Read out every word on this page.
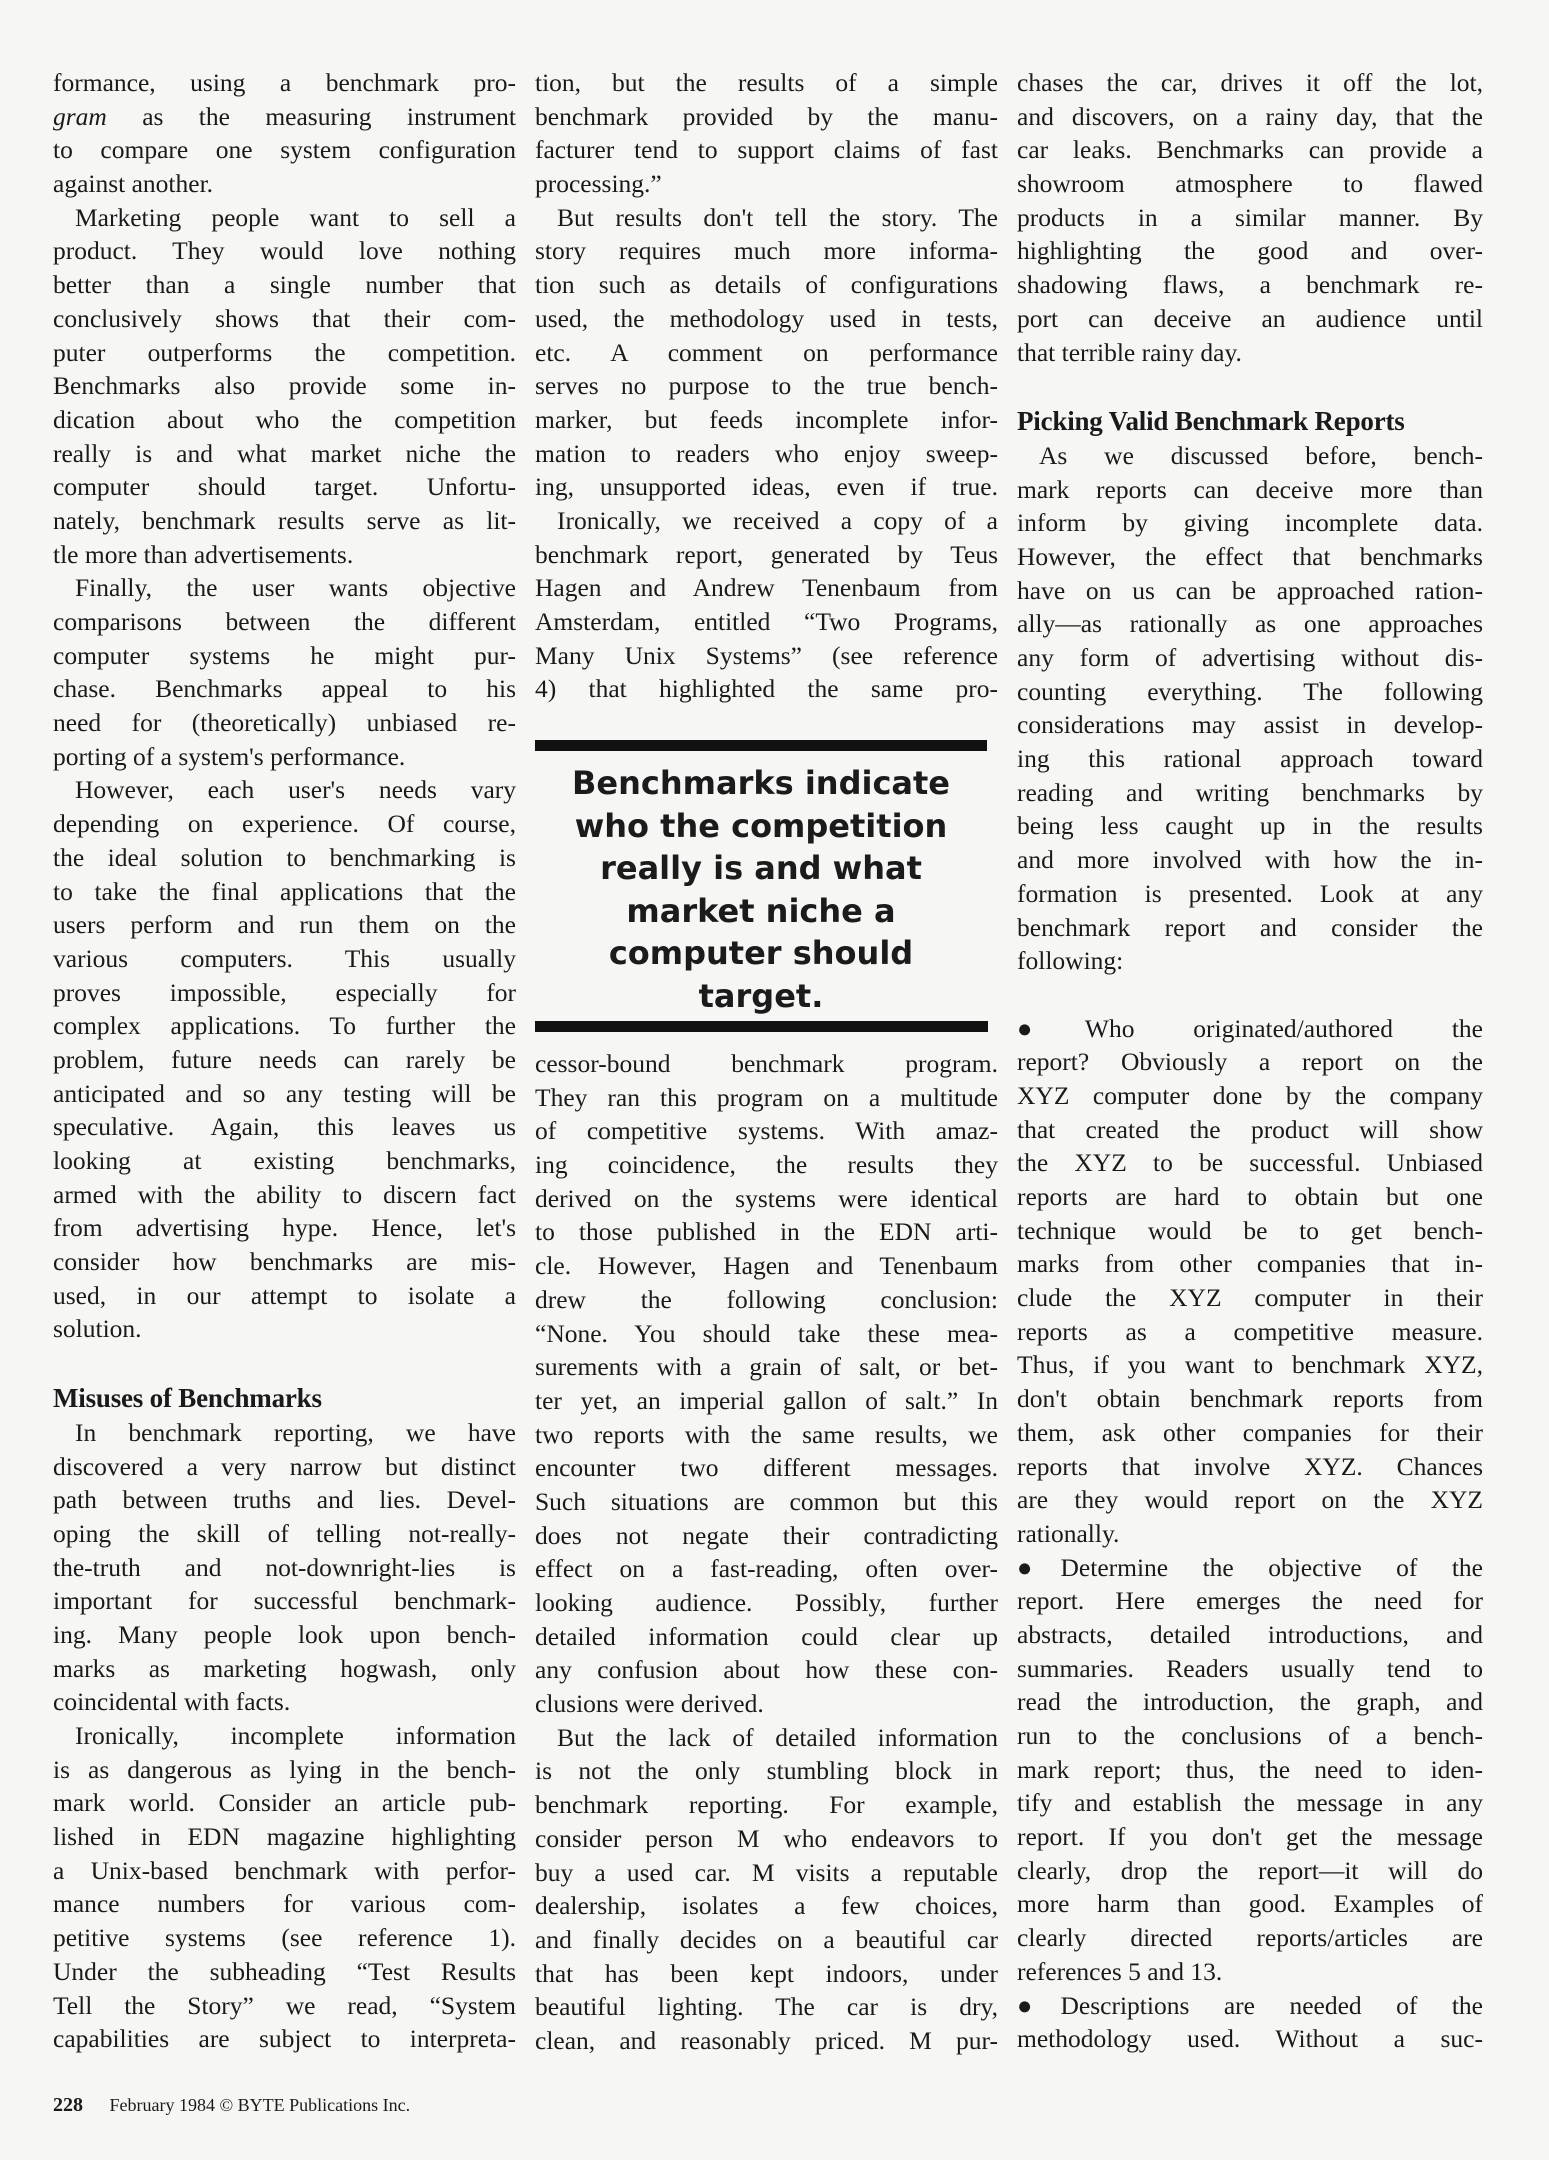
formance, using a benchmark pro-
gram as the measuring instrument
to compare one system configuration
against another.
Marketing people want to sell a
product. They would love nothing
better than a single number that
conclusively shows that their com-
puter outperforms the competition.
Benchmarks also provide some in-
dication about who the competition
really is and what market niche the
computer should target. Unfortu-
nately, benchmark results serve as lit-
tle more than advertisements.
Finally, the user wants objective
comparisons between the different
computer systems he might pur-
chase. Benchmarks appeal to his
need for (theoretically) unbiased re-
porting of a system's performance.
However, each user's needs vary
depending on experience. Of course,
the ideal solution to benchmarking is
to take the final applications that the
users perform and run them on the
various computers. This usually
proves impossible, especially for
complex applications. To further the
problem, future needs can rarely be
anticipated and so any testing will be
speculative. Again, this leaves us
looking at existing benchmarks,
armed with the ability to discern fact
from advertising hype. Hence, let's
consider how benchmarks are mis-
used, in our attempt to isolate a
solution.
Misuses of Benchmarks
In benchmark reporting, we have
discovered a very narrow but distinct
path between truths and lies. Devel-
oping the skill of telling not-really-
the-truth and not-downright-lies is
important for successful benchmark-
ing. Many people look upon bench-
marks as marketing hogwash, only
coincidental with facts.
Ironically, incomplete information
is as dangerous as lying in the bench-
mark world. Consider an article pub-
lished in EDN magazine highlighting
a Unix-based benchmark with perfor-
mance numbers for various com-
petitive systems (see reference 1).
Under the subheading “Test Results
Tell the Story” we read, “System
capabilities are subject to interpreta-
tion, but the results of a simple
benchmark provided by the manu-
facturer tend to support claims of fast
processing.”
But results don't tell the story. The
story requires much more informa-
tion such as details of configurations
used, the methodology used in tests,
etc. A comment on performance
serves no purpose to the true bench-
marker, but feeds incomplete infor-
mation to readers who enjoy sweep-
ing, unsupported ideas, even if true.
Ironically, we received a copy of a
benchmark report, generated by Teus
Hagen and Andrew Tenenbaum from
Amsterdam, entitled “Two Programs,
Many Unix Systems” (see reference
4) that highlighted the same pro-
Benchmarks indicate
who the competition
really is and what
market niche a
computer should
target.
cessor-bound benchmark program.
They ran this program on a multitude
of competitive systems. With amaz-
ing coincidence, the results they
derived on the systems were identical
to those published in the EDN arti-
cle. However, Hagen and Tenenbaum
drew the following conclusion:
“None. You should take these mea-
surements with a grain of salt, or bet-
ter yet, an imperial gallon of salt.” In
two reports with the same results, we
encounter two different messages.
Such situations are common but this
does not negate their contradicting
effect on a fast-reading, often over-
looking audience. Possibly, further
detailed information could clear up
any confusion about how these con-
clusions were derived.
But the lack of detailed information
is not the only stumbling block in
benchmark reporting. For example,
consider person M who endeavors to
buy a used car. M visits a reputable
dealership, isolates a few choices,
and finally decides on a beautiful car
that has been kept indoors, under
beautiful lighting. The car is dry,
clean, and reasonably priced. M pur-
chases the car, drives it off the lot,
and discovers, on a rainy day, that the
car leaks. Benchmarks can provide a
showroom atmosphere to flawed
products in a similar manner. By
highlighting the good and over-
shadowing flaws, a benchmark re-
port can deceive an audience until
that terrible rainy day.
Picking Valid Benchmark Reports
As we discussed before, bench-
mark reports can deceive more than
inform by giving incomplete data.
However, the effect that benchmarks
have on us can be approached ration-
ally—as rationally as one approaches
any form of advertising without dis-
counting everything. The following
considerations may assist in develop-
ing this rational approach toward
reading and writing benchmarks by
being less caught up in the results
and more involved with how the in-
formation is presented. Look at any
benchmark report and consider the
following:
●Who originated/authored the
report? Obviously a report on the
XYZ computer done by the company
that created the product will show
the XYZ to be successful. Unbiased
reports are hard to obtain but one
technique would be to get bench-
marks from other companies that in-
clude the XYZ computer in their
reports as a competitive measure.
Thus, if you want to benchmark XYZ,
don't obtain benchmark reports from
them, ask other companies for their
reports that involve XYZ. Chances
are they would report on the XYZ
rationally.
●Determine the objective of the
report. Here emerges the need for
abstracts, detailed introductions, and
summaries. Readers usually tend to
read the introduction, the graph, and
run to the conclusions of a bench-
mark report; thus, the need to iden-
tify and establish the message in any
report. If you don't get the message
clearly, drop the report—it will do
more harm than good. Examples of
clearly directed reports/articles are
references 5 and 13.
●Descriptions are needed of the
methodology used. Without a suc-
228 February 1984 © BYTE Publications Inc.
